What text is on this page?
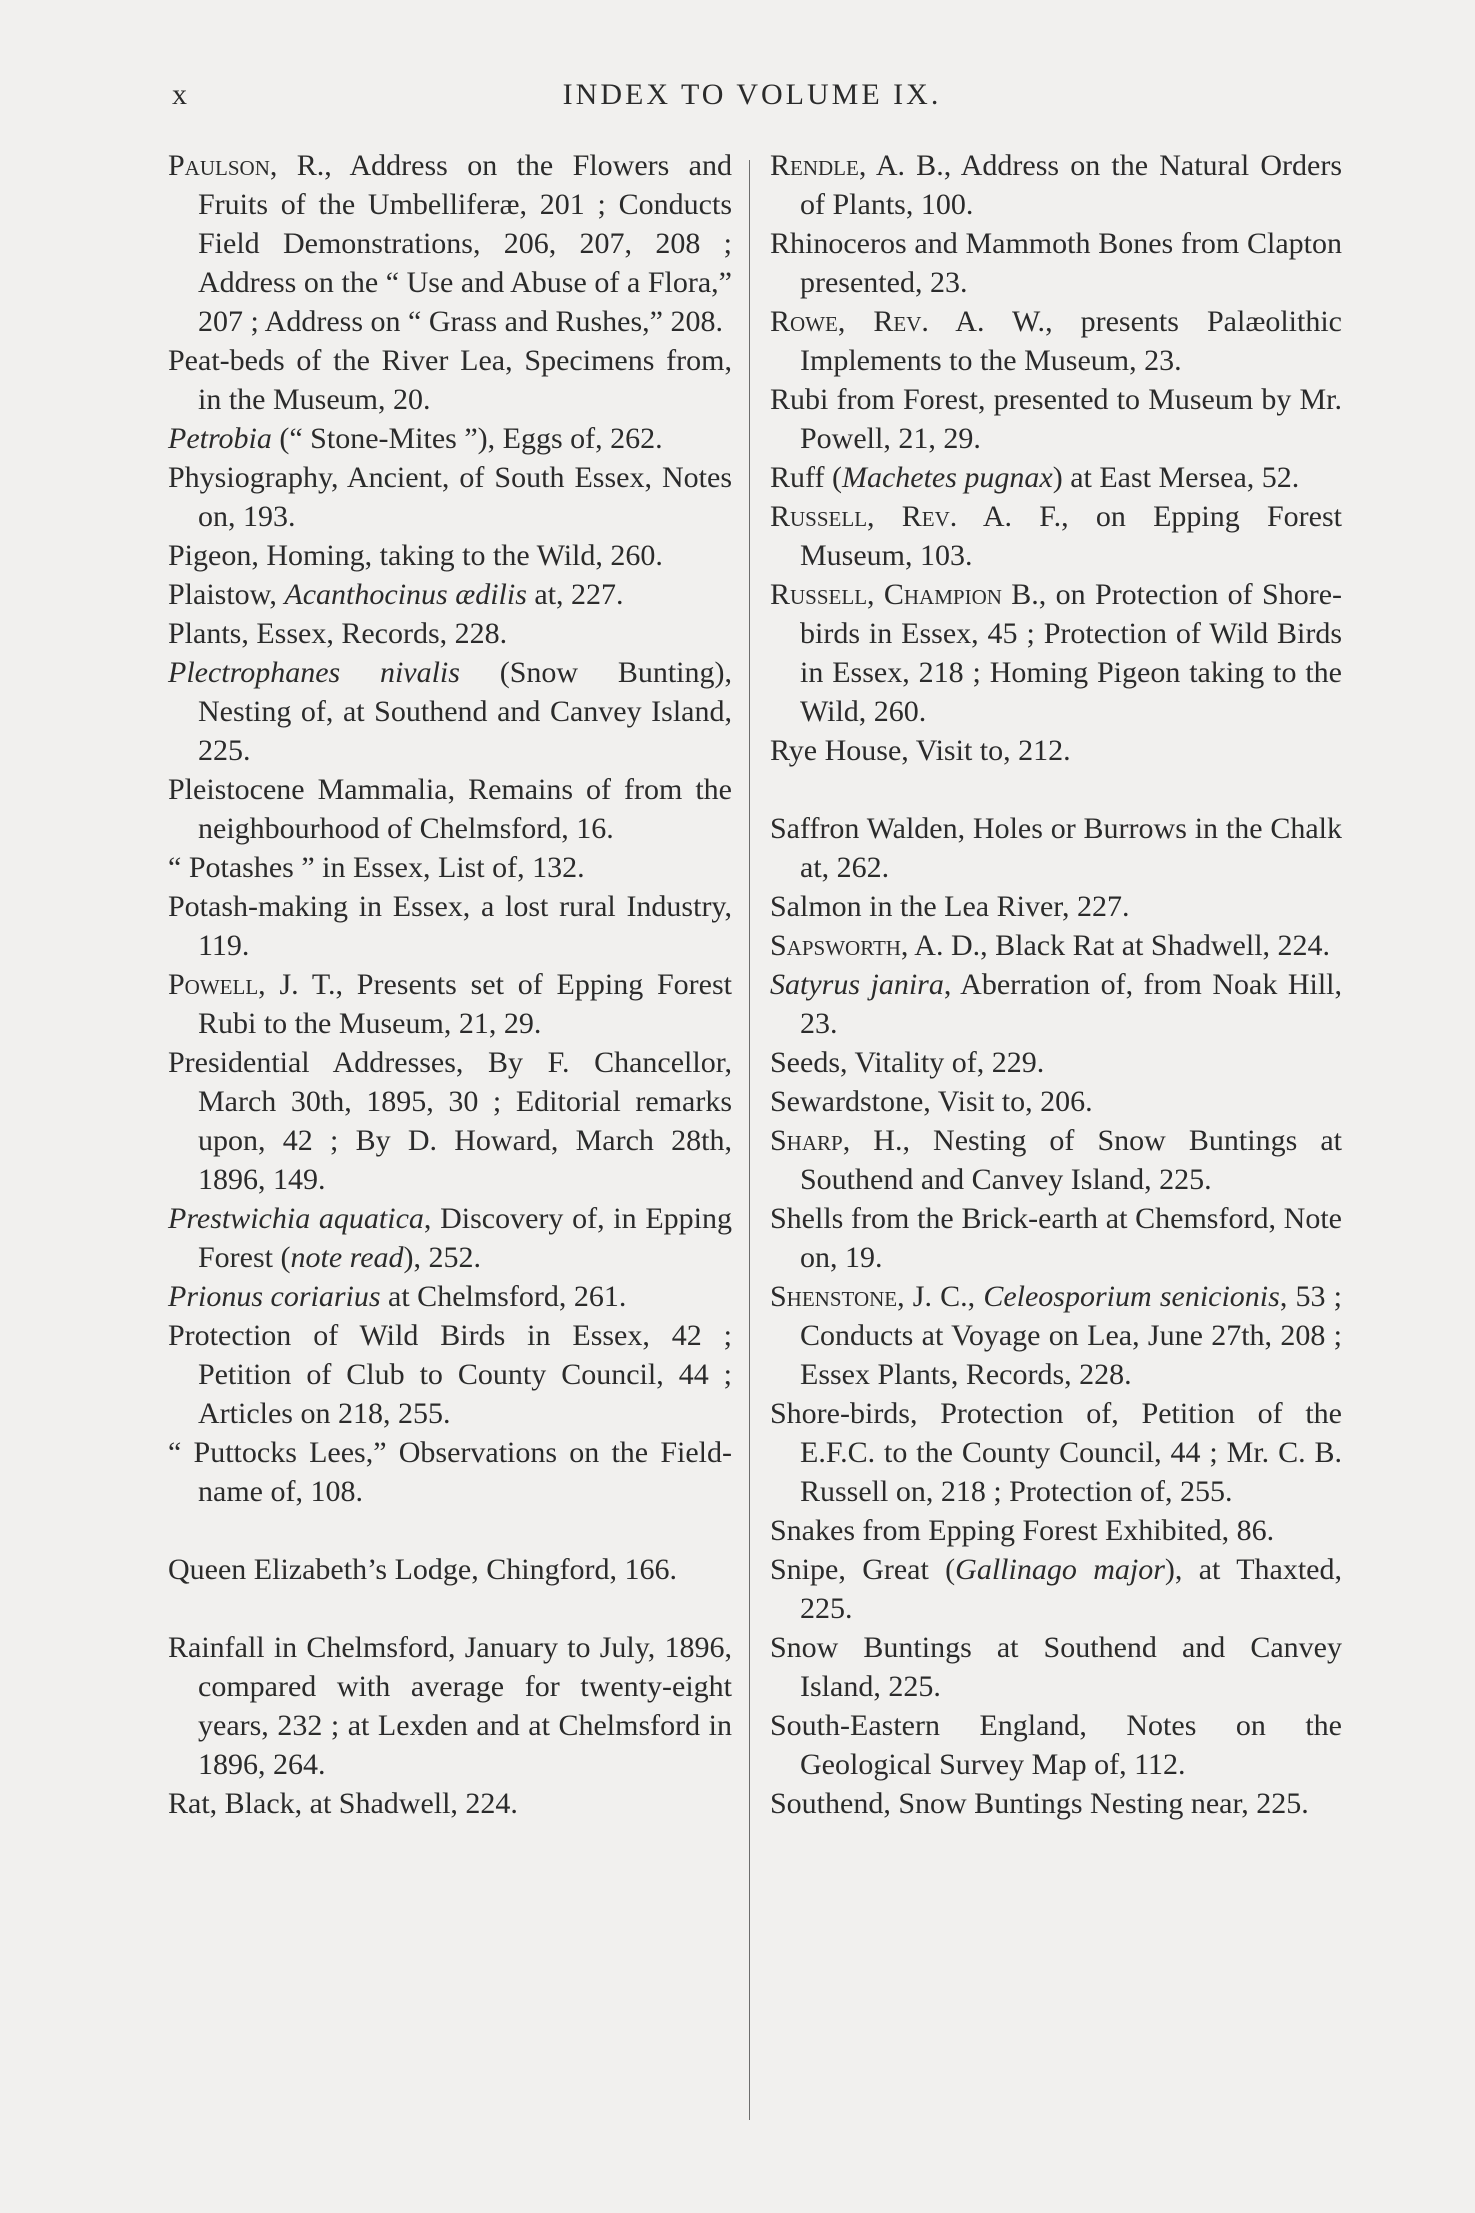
x	INDEX TO VOLUME IX.

Paulson, R., Address on the Flowers and Fruits of the Umbelliferæ, 201 ; Conducts Field Demonstrations, 206, 207, 208 ; Address on the “ Use and Abuse of a Flora,” 207 ; Address on “ Grass and Rushes,” 208.

Peat-beds of the River Lea, Specimens from, in the Museum, 20.

Petrobia (“ Stone-Mites ”), Eggs of, 262.

Physiography, Ancient, of South Essex, Notes on, 193.

Pigeon, Homing, taking to the Wild, 260.

Plaistow, Acanthocinus ædilis at, 227.

Plants, Essex, Records, 228.

Plectrophanes nivalis (Snow Bunting), Nesting of, at Southend and Canvey Island, 225.

Pleistocene Mammalia, Remains of from the neighbourhood of Chelmsford, 16.

“ Potashes ” in Essex, List of, 132.

Potash-making in Essex, a lost rural Industry, 119.

Powell, J. T., Presents set of Epping Forest Rubi to the Museum, 21, 29.

Presidential Addresses, By F. Chancellor, March 30th, 1895, 30 ; Editorial remarks upon, 42 ; By D. Howard, March 28th, 1896, 149.

Prestwichia aquatica, Discovery of, in Epping Forest (note read), 252.

Prionus coriarius at Chelmsford, 261.

Protection of Wild Birds in Essex, 42 ; Petition of Club to County Council, 44 ; Articles on 218, 255.

“ Puttocks Lees,” Observations on the Field-name of, 108.

Queen Elizabeth’s Lodge, Chingford, 166.

Rainfall in Chelmsford, January to July, 1896, compared with average for twenty-eight years, 232 ; at Lexden and at Chelmsford in 1896, 264.

Rat, Black, at Shadwell, 224.

Rendle, A. B., Address on the Natural Orders of Plants, 100.

Rhinoceros and Mammoth Bones from Clapton presented, 23.

Rowe, Rev. A. W., presents Palæolithic Implements to the Museum, 23.

Rubi from Forest, presented to Museum by Mr. Powell, 21, 29.

Ruff (Machetes pugnax) at East Mersea, 52.

Russell, Rev. A. F., on Epping Forest Museum, 103.

Russell, Champion B., on Protection of Shore-birds in Essex, 45 ; Protection of Wild Birds in Essex, 218 ; Homing Pigeon taking to the Wild, 260.

Rye House, Visit to, 212.

Saffron Walden, Holes or Burrows in the Chalk at, 262.

Salmon in the Lea River, 227.

Sapsworth, A. D., Black Rat at Shadwell, 224.

Satyrus janira, Aberration of, from Noak Hill, 23.

Seeds, Vitality of, 229.

Sewardstone, Visit to, 206.

Sharp, H., Nesting of Snow Buntings at Southend and Canvey Island, 225.

Shells from the Brick-earth at Chemsford, Note on, 19.

Shenstone, J. C., Celeosporium senicionis, 53 ; Conducts at Voyage on Lea, June 27th, 208 ; Essex Plants, Records, 228.

Shore-birds, Protection of, Petition of the E.F.C. to the County Council, 44 ; Mr. C. B. Russell on, 218 ; Protection of, 255.

Snakes from Epping Forest Exhibited, 86.

Snipe, Great (Gallinago major), at Thaxted, 225.

Snow Buntings at Southend and Canvey Island, 225.

South-Eastern England, Notes on the Geological Survey Map of, 112.

Southend, Snow Buntings Nesting near, 225.
